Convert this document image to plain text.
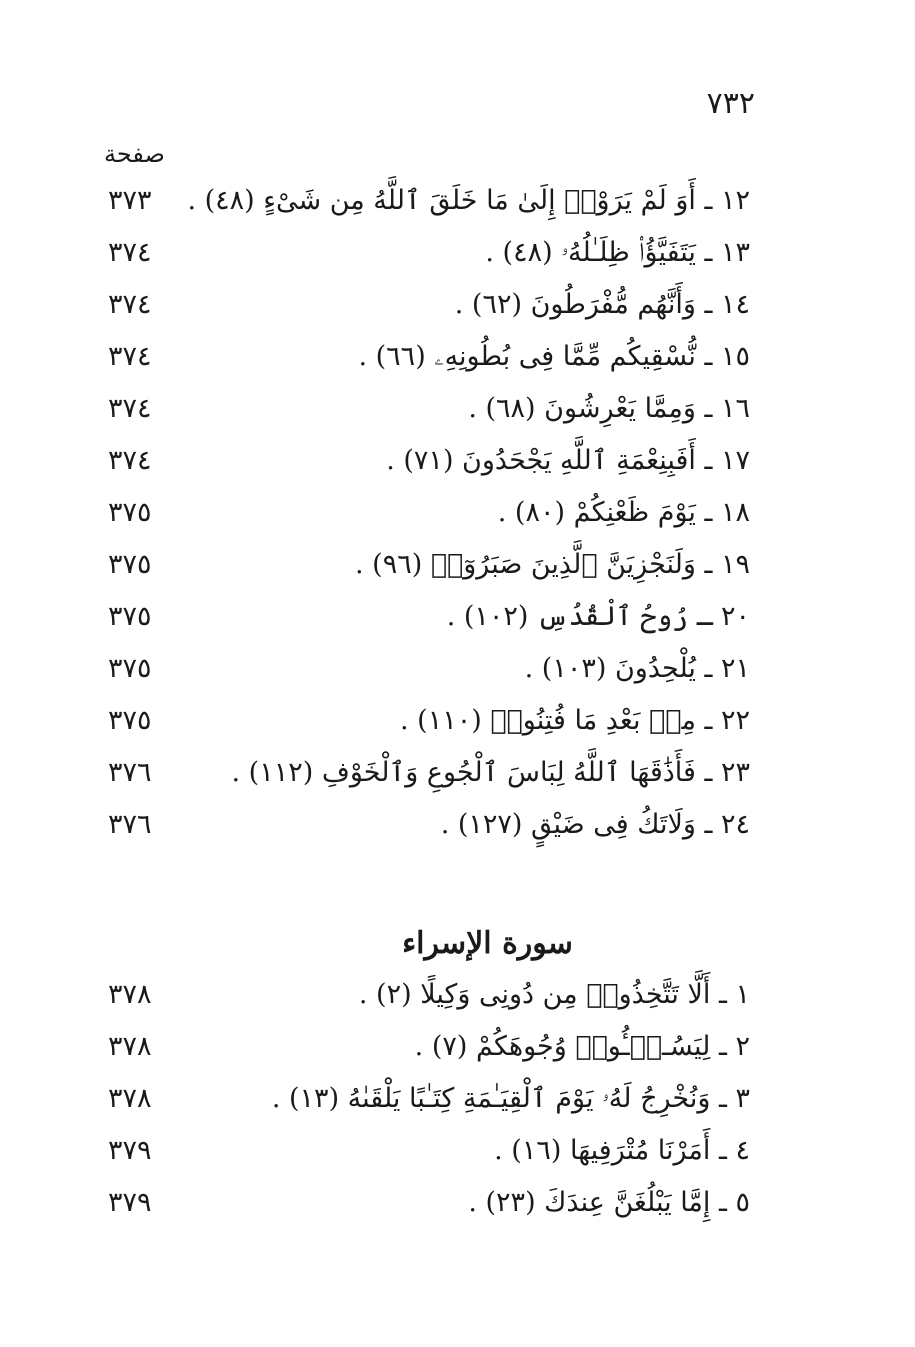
٧٣٢
صفحة
١٢ ـ أَوَ لَمْ يَرَوْا۟ إِلَىٰ مَا خَلَقَ ٱللَّهُ مِن شَىْءٍ (٤٨) .
٣٧٣
١٣ ـ يَتَفَيَّؤُا۟ ظِلَـٰلُهُۥ (٤٨) .
٣٧٤
١٤ ـ وَأَنَّهُم مُّفْرَطُونَ (٦٢) .
٣٧٤
١٥ ـ نُّسْقِيكُم مِّمَّا فِى بُطُونِهِۦ (٦٦) .
٣٧٤
١٦ ـ وَمِمَّا يَعْرِشُونَ (٦٨) .
٣٧٤
١٧ ـ أَفَبِنِعْمَةِ ٱللَّهِ يَجْحَدُونَ (٧١) .
٣٧٤
١٨ ـ يَوْمَ ظَعْنِكُمْ (٨٠) .
٣٧٥
١٩ ـ وَلَنَجْزِيَنَّ ٱلَّذِينَ صَبَرُوٓا۟ (٩٦) .
٣٧٥
٢٠ ـ رُوحُ ٱلْقُدُسِ (١٠٢) .
٣٧٥
٢١ ـ يُلْحِدُونَ (١٠٣) .
٣٧٥
٢٢ ـ مِنۢ بَعْدِ مَا فُتِنُوا۟ (١١٠) .
٣٧٥
٢٣ ـ فَأَذَٰقَهَا ٱللَّهُ لِبَاسَ ٱلْجُوعِ وَٱلْخَوْفِ (١١٢) .
٣٧٦
٢٤ ـ وَلَاتَكُ فِى ضَيْقٍ (١٢٧) .
٣٧٦
سورة الإسراء
١ ـ أَلَّا تَتَّخِذُوا۟ مِن دُونِى وَكِيلًا (٢) .
٣٧٨
٢ ـ لِيَسُـۥٓـُٔوا۟ وُجُوهَكُمْ (٧) .
٣٧٨
٣ ـ وَنُخْرِجُ لَهُۥ يَوْمَ ٱلْقِيَـٰمَةِ كِتَـٰبًا يَلْقَىٰهُ (١٣) .
٣٧٨
٤ ـ أَمَرْنَا مُتْرَفِيهَا (١٦) .
٣٧٩
٥ ـ إِمَّا يَبْلُغَنَّ عِندَكَ (٢٣) .
٣٧٩
